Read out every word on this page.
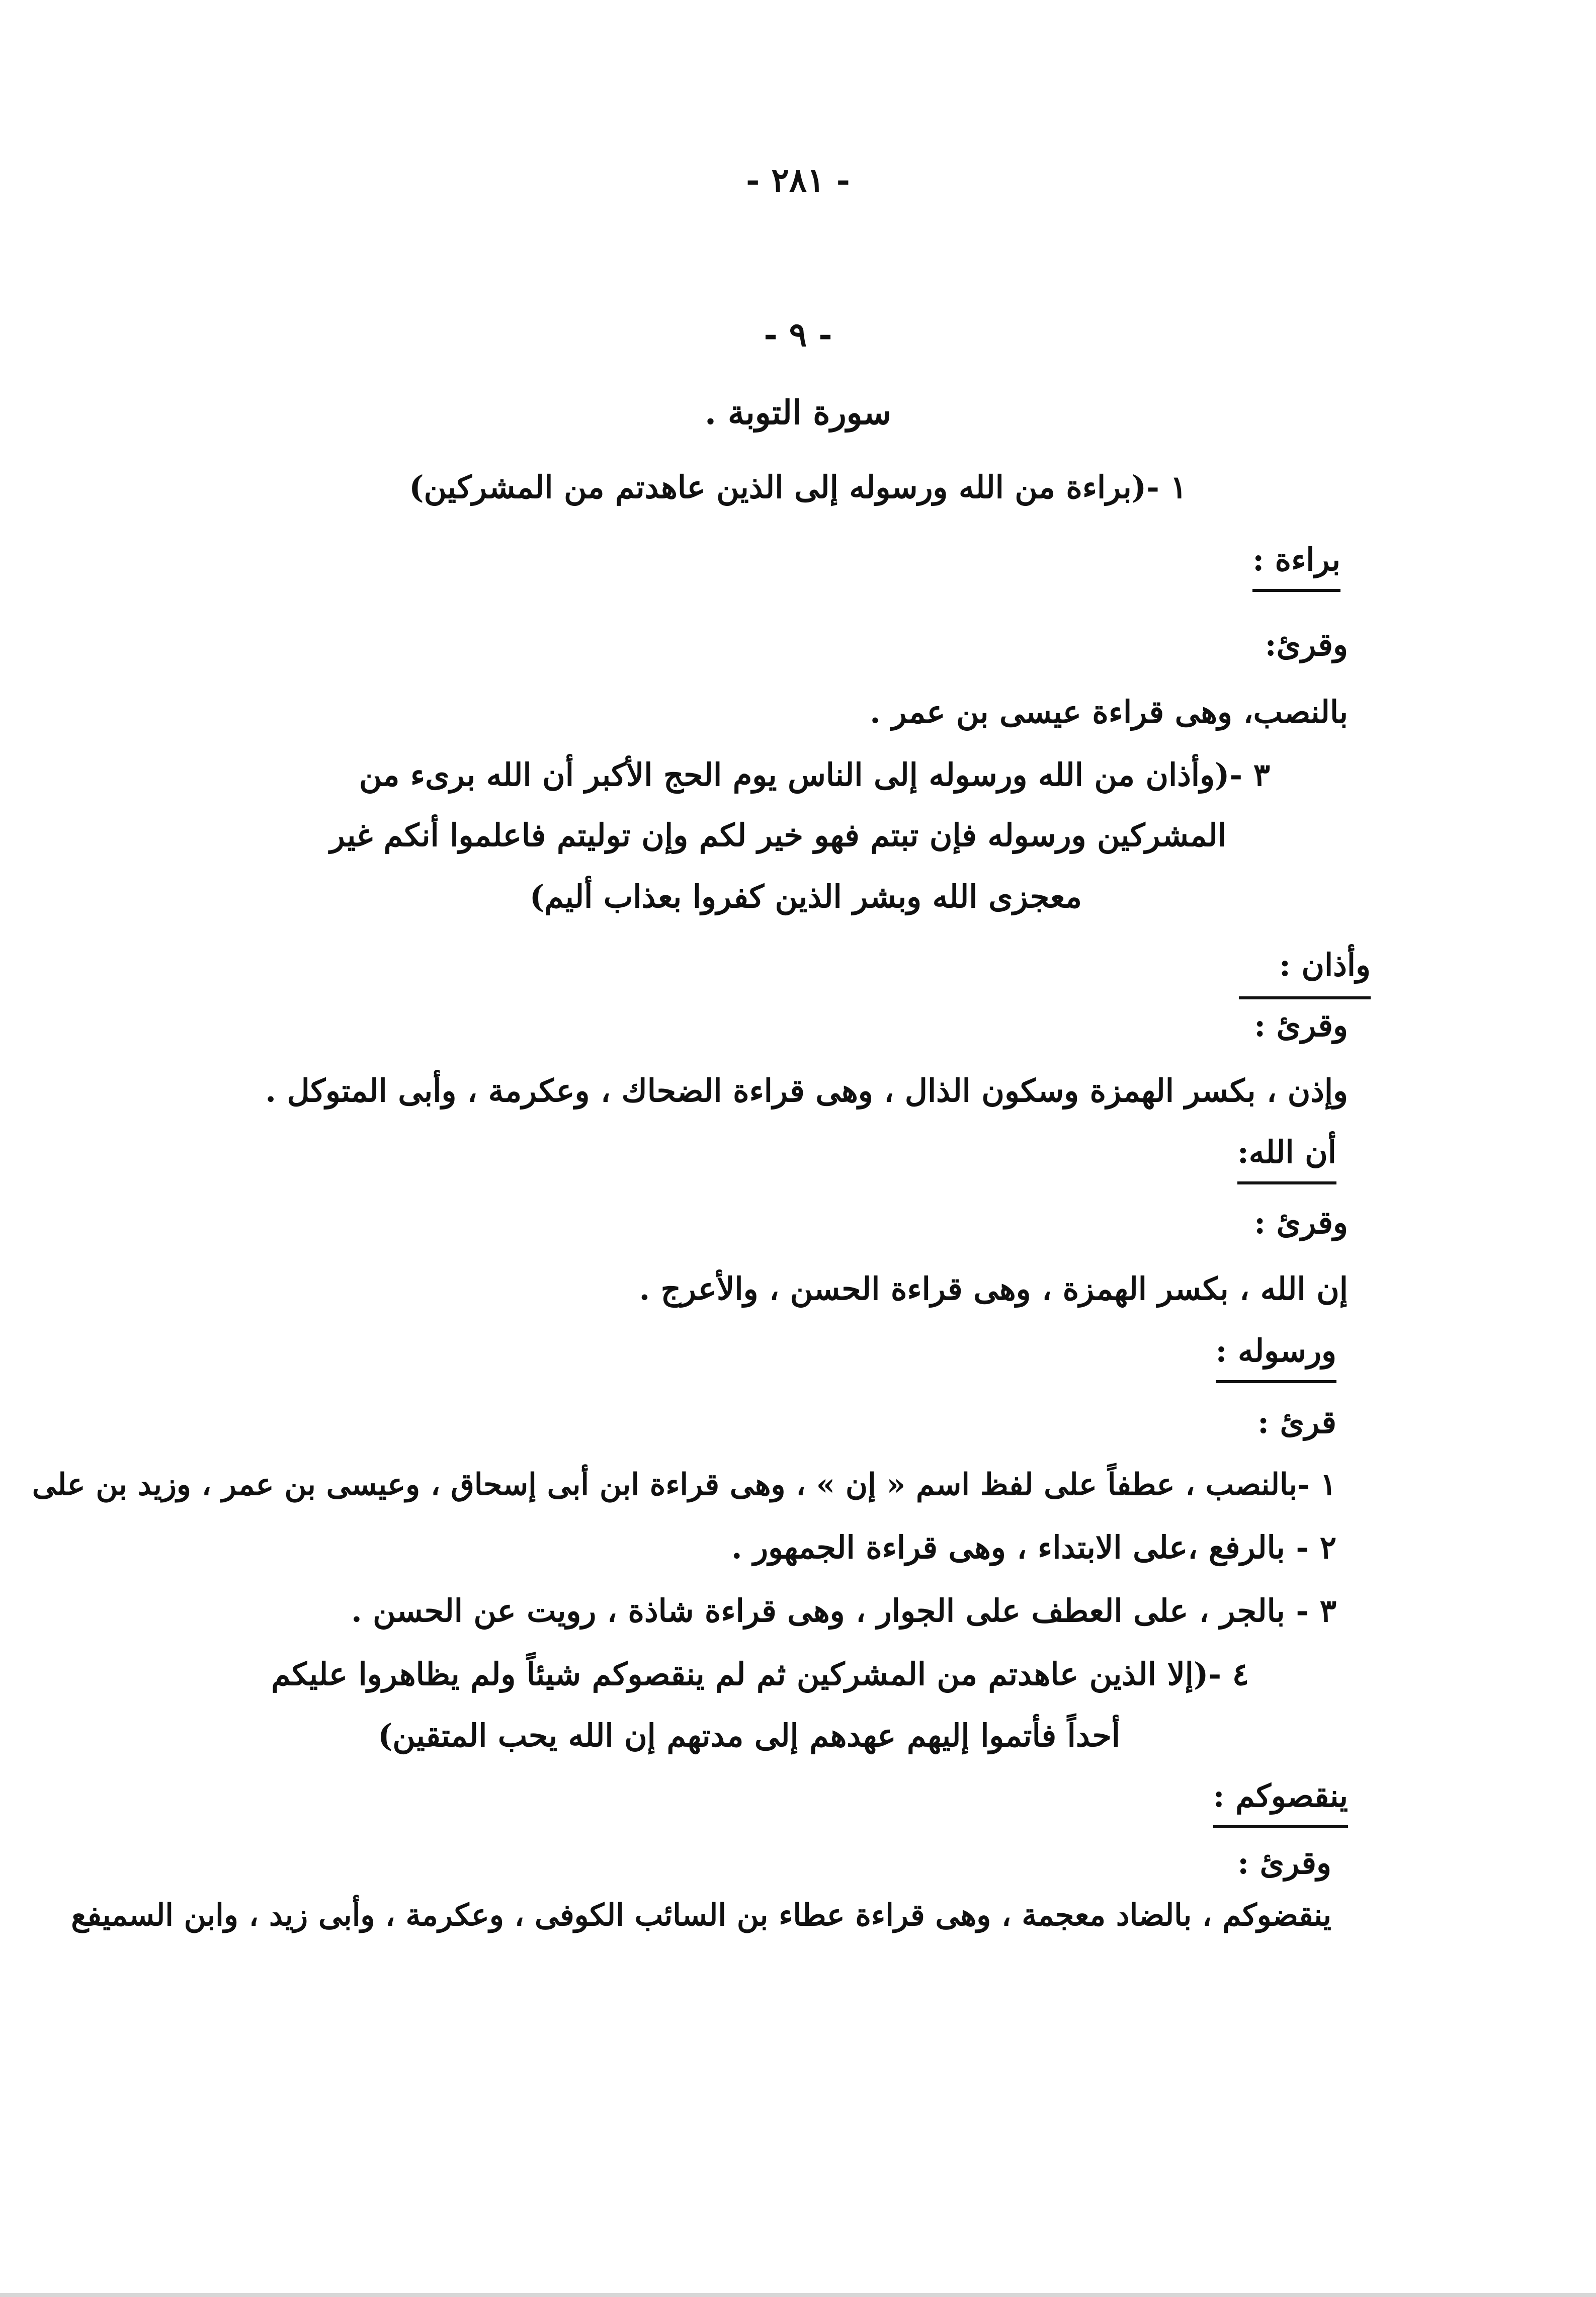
- ٢٨١ -
- ٩ -
سورة التوبة .
١ -(براءة من الله ورسوله إلى الذين عاهدتم من المشركين)
براءة :
وقرئ:
بالنصب، وهى قراءة عيسى بن عمر .
٣ -(وأذان من الله ورسوله إلى الناس يوم الحج الأكبر أن الله برىء من
المشركين ورسوله فإن تبتم فهو خير لكم وإن توليتم فاعلموا أنكم غير
معجزى الله وبشر الذين كفروا بعذاب أليم)
وأذان :
وقرئ :
وإذن ، بكسر الهمزة وسكون الذال ، وهى قراءة الضحاك ، وعكرمة ، وأبى المتوكل .
أن الله:
وقرئ :
إن الله ، بكسر الهمزة ، وهى قراءة الحسن ، والأعرج .
ورسوله :
قرئ :
١ -بالنصب ، عطفاً على لفظ اسم « إن » ، وهى قراءة ابن أبى إسحاق ، وعيسى بن عمر ، وزيد بن على
٢ - بالرفع ،على الابتداء ، وهى قراءة الجمهور .
٣ - بالجر ، على العطف على الجوار ، وهى قراءة شاذة ، رويت عن الحسن .
٤ -(إلا الذين عاهدتم من المشركين ثم لم ينقصوكم شيئاً ولم يظاهروا عليكم
أحداً فأتموا إليهم عهدهم إلى مدتهم إن الله يحب المتقين)
ينقصوكم :
وقرئ :
ينقضوكم ، بالضاد معجمة ، وهى قراءة عطاء بن السائب الكوفى ، وعكرمة ، وأبى زيد ، وابن السميفع
